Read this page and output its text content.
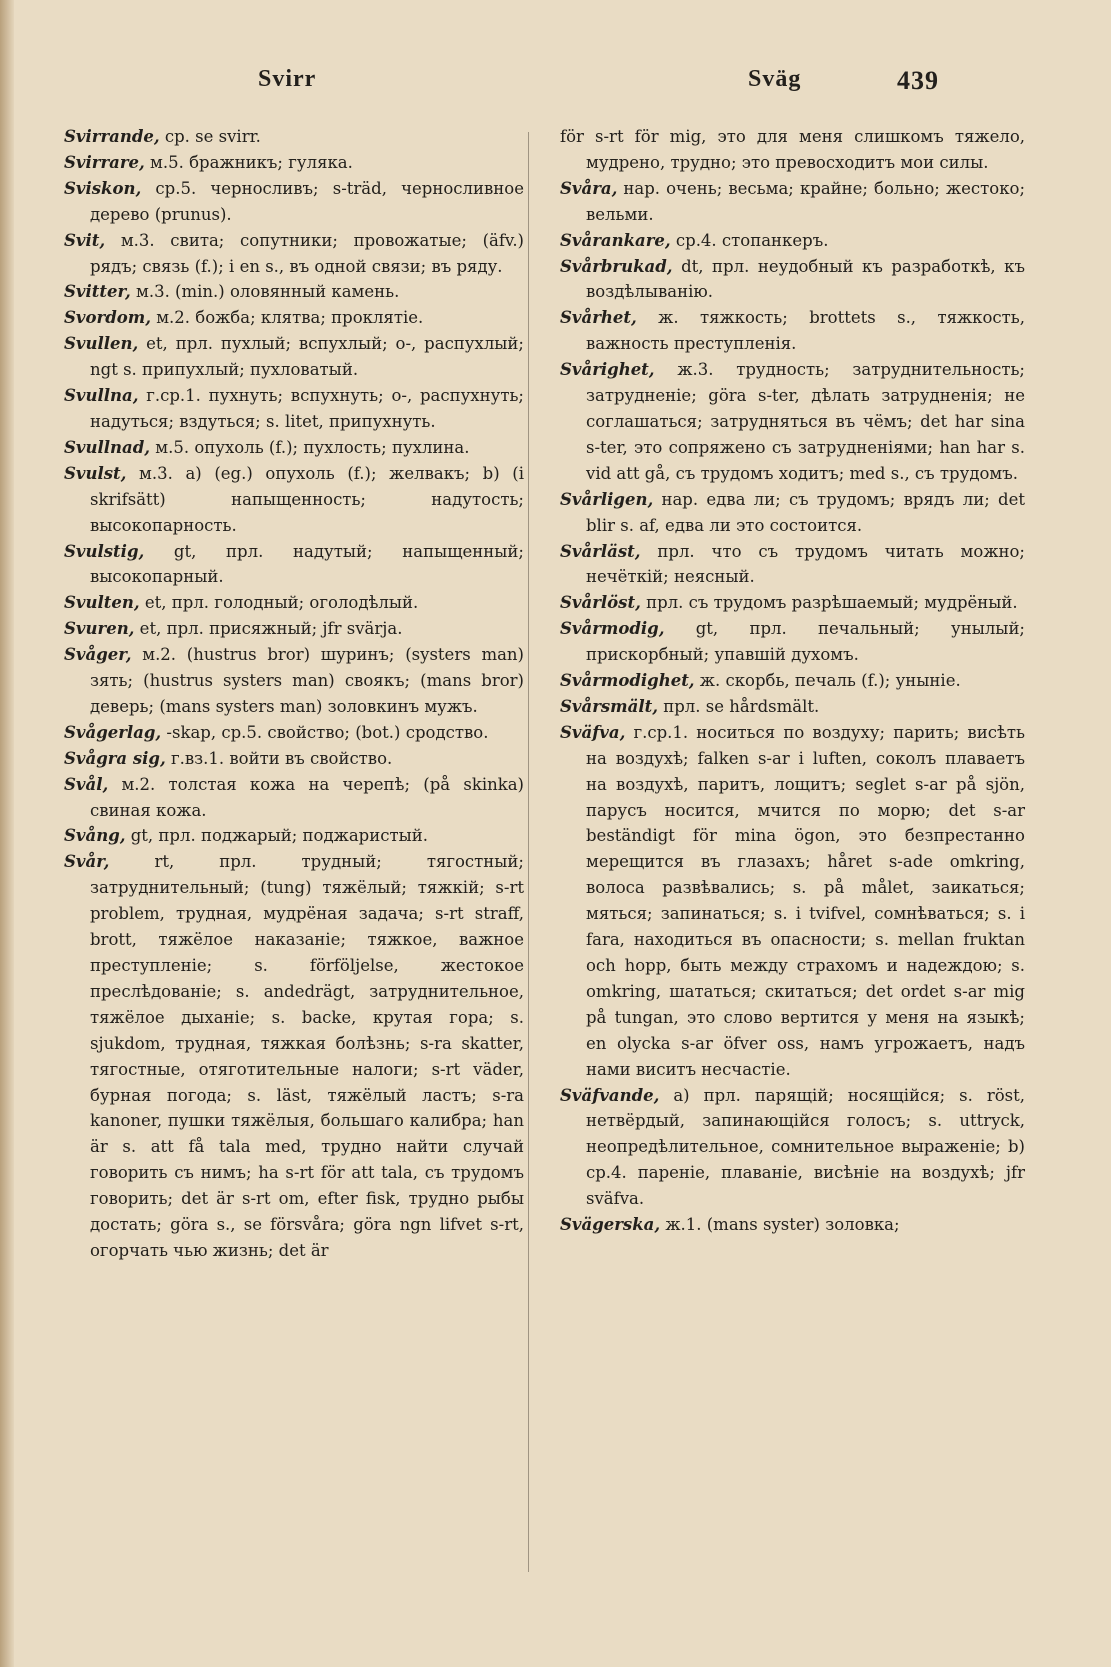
Svirr	Sväg	439
Svirrande, ср. se svirr.
Svirrare, м.5. бражникъ; гуляка.
Sviskon, ср.5. черносливъ; s-träd, черносливное дерево (prunus).
Svit, м.3. свита; сопутники; провожатые; (äfv.) рядъ; связь (f.); i en s., въ одной связи; въ ряду.
Svitter, м.3. (min.) оловянный камень.
Svordom, м.2. божба; клятва; проклятіе.
Svullen, et, прл. пухлый; вспухлый; о-, распухлый; ngt s. припухлый; пухловатый.
Svullna, г.ср.1. пухнуть; вспухнуть; о-, распухнуть; надуться; вздуться; s. litet, припухнуть.
Svullnad, м.5. опухоль (f.); пухлость; пухлина.
Svulst, м.3. a) (eg.) опухоль (f.); желвакъ; b) (i skrifsätt) напыщенность; надутость; высокопарность.
Svulstig, gt, прл. надутый; напыщенный; высокопарный.
Svulten, et, прл. голодный; оголодѣлый.
Svuren, et, прл. присяжный; jfr svärja.
Svåger, м.2. (hustrus bror) шуринъ; (systers man) зять; (hustrus systers man) своякъ; (mans bror) деверь; (mans systers man) золовкинъ мужъ.
Svågerlag, -skap, ср.5. свойство; (bot.) сродство.
Svågra sig, г.вз.1. войти въ свойство.
Svål, м.2. толстая кожа на черепѣ; (på skinka) свиная кожа.
Svång, gt, прл. поджарый; поджаристый.
Svår, rt, прл. трудный; тягостный; затруднительный; (tung) тяжёлый; тяжкій; s-rt problem, трудная, мудрёная задача; s-rt straff, brott, тяжёлое наказаніе; тяжкое, важное преступленіе; s. förföljelse, жестокое преслѣдованіе; s. andedrägt, затруднительное, тяжёлое дыханіе; s. backe, крутая гора; s. sjukdom, трудная, тяжкая болѣзнь; s-ra skatter, тягостные, отяготительные налоги; s-rt väder, бурная погода; s. läst, тяжёлый ластъ; s-ra kanoner, пушки тяжёлыя, большаго калибра; han är s. att få tala med, трудно найти случай говорить съ нимъ; ha s-rt för att tala, съ трудомъ говорить; det är s-rt om, efter fisk, трудно рыбы достать; göra s., se försvåra; göra ngn lifvet s-rt, огорчать чью жизнь; det är
för s-rt för mig, это для меня слишкомъ тяжело, мудрено, трудно; это превосходитъ мои силы.
Svåra, нар. очень; весьма; крайне; больно; жестоко; вельми.
Svårankare, ср.4. стопанкеръ.
Svårbrukad, dt, прл. неудобный къ разработкѣ, къ воздѣлыванію.
Svårhet, ж. тяжкость; brottets s., тяжкость, важность преступленія.
Svårighet, ж.3. трудность; затруднительность; затрудненіе; göra s-ter, дѣлать затрудненія; не соглашаться; затрудняться въ чёмъ; det har sina s-ter, это сопряжено съ затрудненіями; han har s. vid att gå, съ трудомъ ходитъ; med s., съ трудомъ.
Svårligen, нар. едва ли; съ трудомъ; врядъ ли; det blir s. af, едва ли это состоится.
Svårläst, прл. что съ трудомъ читать можно; нечёткій; неясный.
Svårlöst, прл. съ трудомъ разрѣшаемый; мудрёный.
Svårmodig, gt, прл. печальный; унылый; прискорбный; упавшій духомъ.
Svårmodighet, ж. скорбь, печаль (f.); уныніе.
Svårsmält, прл. se hårdsmält.
Sväfva, г.ср.1. носиться по воздуху; парить; висѣть на воздухѣ; falken s-ar i luften, соколъ плаваетъ на воздухѣ, паритъ, лощитъ; seglet s-ar på sjön, парусъ носится, мчится по морю; det s-ar beständigt för mina ögon, это безпрестанно мерещится въ глазахъ; håret s-ade omkring, волоса развѣвались; s. på målet, заикаться; мяться; запинаться; s. i tvifvel, сомнѣваться; s. i fara, находиться въ опасности; s. mellan fruktan och hopp, быть между страхомъ и надеждою; s. omkring, шататься; скитаться; det ordet s-ar mig på tungan, это слово вертится у меня на языкѣ; en olycka s-ar öfver oss, намъ угрожаетъ, надъ нами виситъ несчастіе.
Sväfvande, a) прл. парящій; носящійся; s. röst, нетвёрдый, запинающійся голосъ; s. uttryck, неопредѣлительное, сомнительное выраженіе; b) ср.4. пареніе, плаваніе, висѣніе на воздухѣ; jfr sväfva.
Svägerska, ж.1. (mans syster) золовка;
